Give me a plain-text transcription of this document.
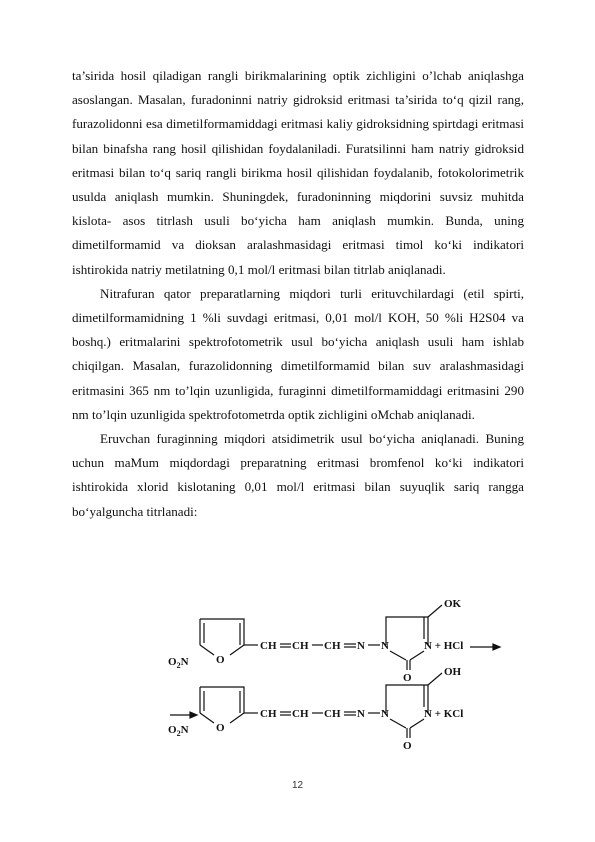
ta’sirida hosil qiladigan rangli birikmalarining optik zichligini o’lchab aniqlashga asoslangan. Masalan, furadoninni natriy gidroksid eritmasi ta’sirida to‘q qizil rang, furazolidonni esa dimetilformamiddagi eritmasi kaliy gidroksidning spirtdagi eritmasi bilan binafsha rang hosil qilishidan foydalaniladi. Furatsilinni ham natriy gidroksid eritmasi bilan to‘q sariq rangli birikma hosil qilishidan foydalanib, fotokolorimetrik usulda aniqlash mumkin. Shuningdek, furadoninning miqdorini suvsiz muhitda kislota- asos titrlash usuli bo‘yicha ham aniqlash mumkin. Bunda, uning dimetilformamid va dioksan aralashmasidagi eritmasi timol ko‘ki indikatori ishtirokida natriy metilatning 0,1 mol/l eritmasi bilan titrlab aniqlanadi.

Nitrafuran qator preparatlarning miqdori turli erituvchilardagi (etil spirti, dimetilformamidning 1 %li suvdagi eritmasi, 0,01 mol/l KOH, 50 %li H2S04 va boshq.) eritmalarini spektrofotometrik usul bo‘yicha aniqlash usuli ham ishlab chiqilgan. Masalan, furazolidonning dimetilformamid bilan suv aralashmasidagi eritmasini 365 nm to’lqin uzunligida, furaginni dimetilformamiddagi eritmasini 290 nm to’lqin uzunligida spektrofotometrda optik zichligini oMchab aniqlanadi.

Eruvchan furaginning miqdori atsidimetrik usul bo‘yicha aniqlanadi. Buning uchun maMum miqdordagi preparatning eritmasi bromfenol ko‘ki indikatori ishtirokida xlorid kislotaning 0,01 mol/l eritmasi bilan suyuqlik sariq rangga bo‘yalguncha titrlanadi:

$O_2N$ O
CH CH CH N N
O
OK
N + HCl
$O_2N$ O
CH CH CH N N
O
OH
N + KCl
12
